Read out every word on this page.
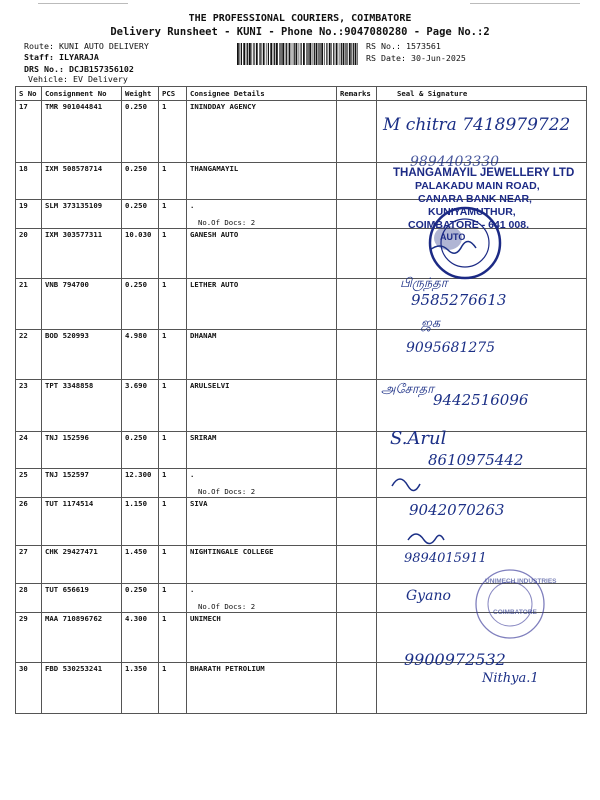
THE PROFESSIONAL COURIERS, COIMBATORE
Delivery Runsheet - KUNI - Phone No.:9047080280 - Page No.:2
Route: KUNI AUTO DELIVERY
Staff: ILYARAJA
DRS No.: DCJB157356102
Vehicle: EV Delivery
RS No.: 1573561
RS Date: 30-Jun-2025
S No	Consignment No	Weight	PCS	Consignee Details	Remarks	Seal & Signature
17	TMR 901044841	0.250	1	ININDDAY AGENCY		
18	IXM 508578714	0.250	1	THANGAMAYIL		
19	SLM 373135109	0.250	1	.
No.Of Docs: 2		

20	IXM 303577311	10.030	1	GANESH AUTO		
21	VNB 794700	0.250	1	LETHER AUTO		
22	BOD 520993	4.980	1	DHANAM		
23	TPT 3348858	3.690	1	ARULSELVI		
24	TNJ 152596	0.250	1	SRIRAM		
25	TNJ 152597	12.300	1	.
No.Of Docs: 2		

26	TUT 1174514	1.150	1	SIVA		
27	CHK 29427471	1.450	1	NIGHTINGALE COLLEGE		
28	TUT 656619	0.250	1	.
No.Of Docs: 2		

29	MAA 710896762	4.300	1	UNIMECH		
30	FBD 530253241	1.350	1	BHARATH PETROLIUM		
M chitra 7418979722
9894403330
THANGAMAYIL JEWELLERY LTD
PALAKADU MAIN ROAD,
CANARA BANK NEAR,
KUNIYAMUTHUR,
COIMBATORE - 641 008.
AUTO
பிருந்தா
9585276613
ஜக
9095681275
அசோதா
9442516096
S.Arul
8610975442
9042070263
9894015911
UNIMECH INDUSTRIES
COIMBATORE
Gyano
9900972532
Nithya.1
